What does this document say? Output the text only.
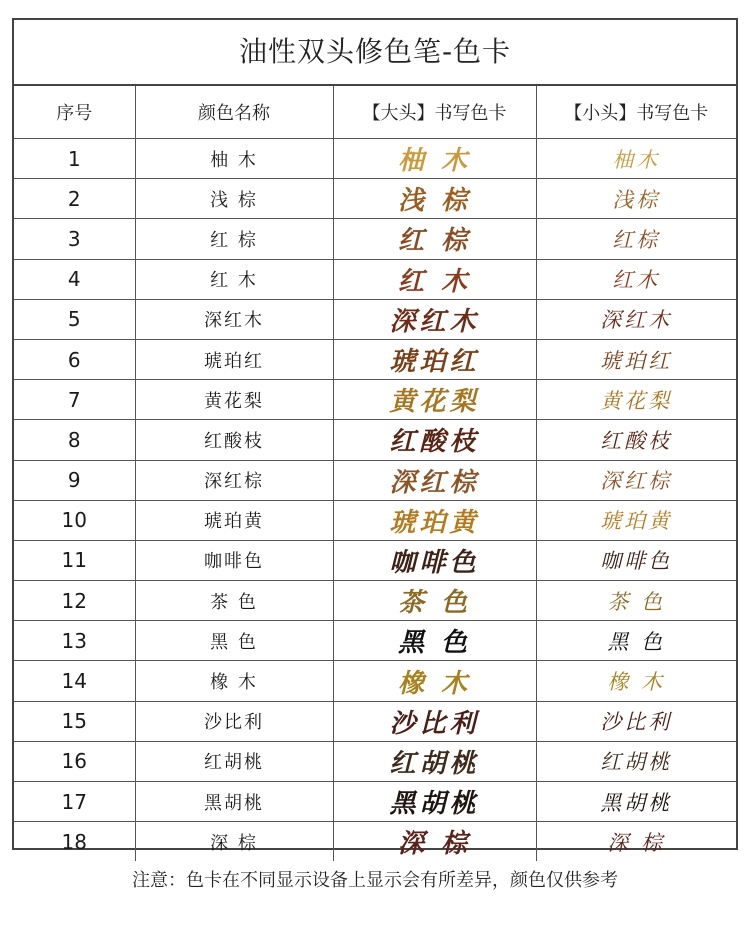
油性双头修色笔-色卡
序号	颜色名称	【大头】书写色卡	【小头】书写色卡
1	柚 木	柚 木	柚木
2	浅 棕	浅 棕	浅棕
3	红 棕	红 棕	红棕
4	红 木	红 木	红木
5	深红木	深红木	深红木
6	琥珀红	琥珀红	琥珀红
7	黄花梨	黄花梨	黄花梨
8	红酸枝	红酸枝	红酸枝
9	深红棕	深红棕	深红棕
10	琥珀黄	琥珀黄	琥珀黄
11	咖啡色	咖啡色	咖啡色
12	茶 色	茶 色	茶 色
13	黑 色	黑 色	黑 色
14	橡 木	橡 木	橡 木
15	沙比利	沙比利	沙比利
16	红胡桃	红胡桃	红胡桃
17	黑胡桃	黑胡桃	黑胡桃
18	深 棕	深 棕	深 棕
注意：色卡在不同显示设备上显示会有所差异，颜色仅供参考
